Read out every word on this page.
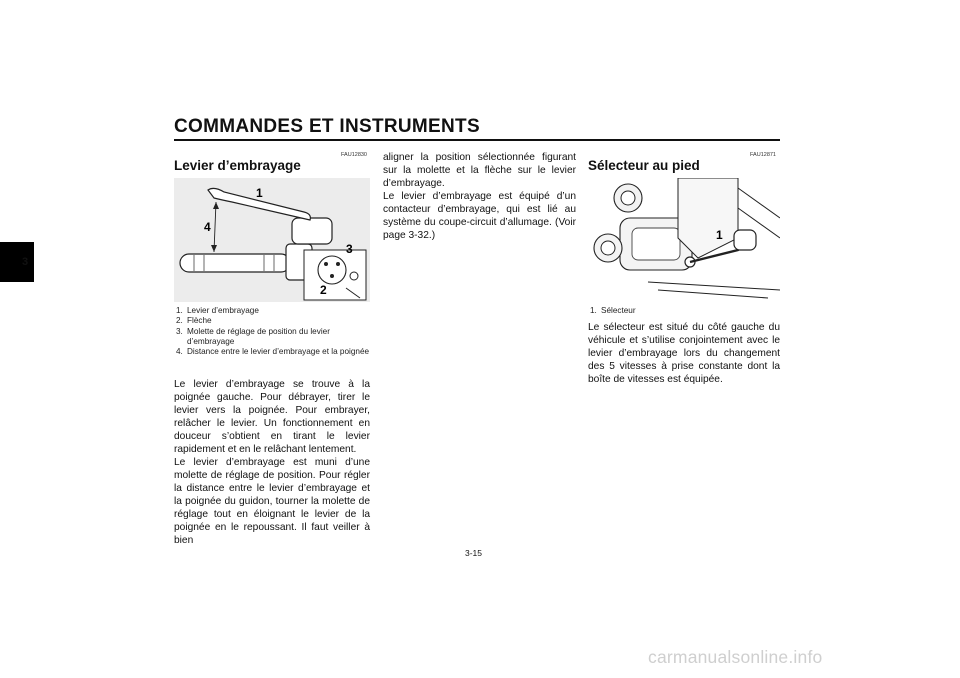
COMMANDES ET INSTRUMENTS
3
FAU12830
Levier d’embrayage
1
4
3
2
1. Levier d’embrayage
2. Flèche
3. Molette de réglage de position du levier d’embrayage
4. Distance entre le levier d’embrayage et la poignée

Le levier d’embrayage se trouve à la poignée gauche. Pour débrayer, tirer le levier vers la poignée. Pour embrayer, relâcher le levier. Un fonctionnement en douceur s’obtient en tirant le levier rapidement et en le relâchant lentement.

Le levier d’embrayage est muni d’une molette de réglage de position. Pour régler la distance entre le levier d’embrayage et la poignée du guidon, tourner la molette de réglage tout en éloignant le levier de la poignée en le repoussant. Il faut veiller à bien

aligner la position sélectionnée figurant sur la molette et la flèche sur le levier d’embrayage.

Le levier d’embrayage est équipé d’un contacteur d’embrayage, qui est lié au système du coupe-circuit d’allumage. (Voir page 3-32.)

FAU12871
Sélecteur au pied
1
1. Sélecteur

Le sélecteur est situé du côté gauche du véhicule et s’utilise conjointement avec le levier d’embrayage lors du changement des 5 vitesses à prise constante dont la boîte de vitesses est équipée.

3-15
carmanualsonline.info
